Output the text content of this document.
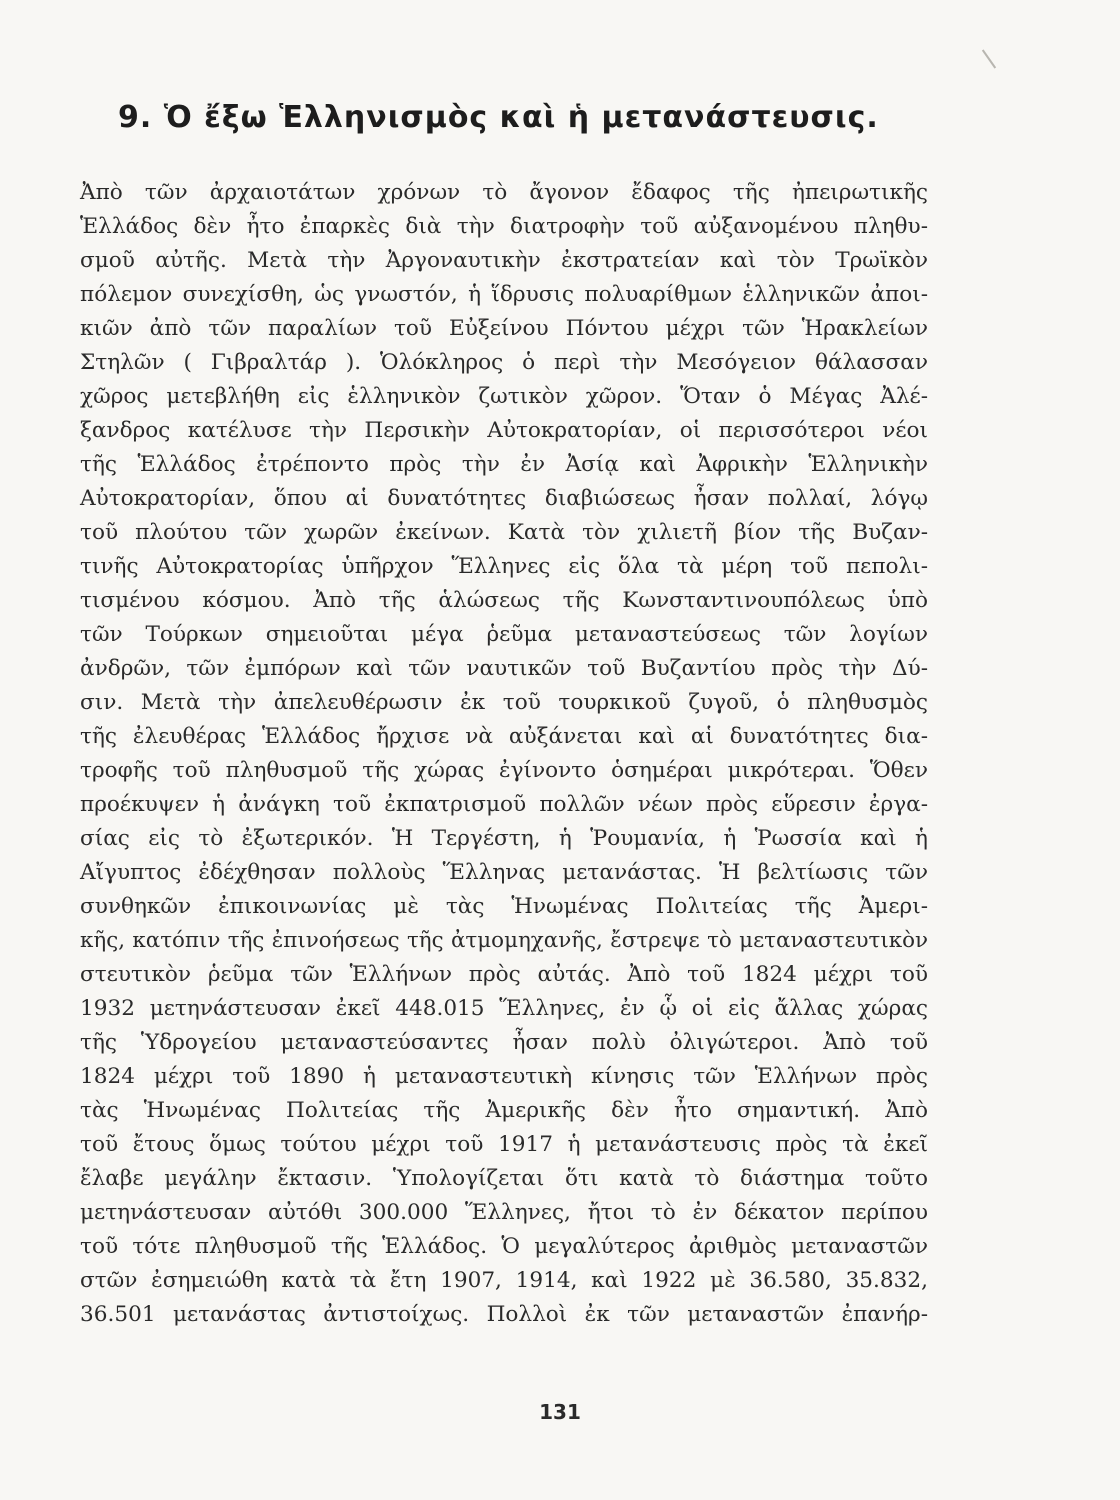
9. Ὁ ἔξω Ἑλληνισμὸς καὶ ἡ μετανάστευσις.
Ἀπὸ τῶν ἀρχαιοτάτων χρόνων τὸ ἄγονον ἔδαφος τῆς ἠπειρωτικῆς
Ἑλλάδος δὲν ἦτο ἐπαρκὲς διὰ τὴν διατροφὴν τοῦ αὐξανομένου πληθυ-
σμοῦ αὐτῆς. Μετὰ τὴν Ἀργοναυτικὴν ἐκστρατείαν καὶ τὸν Τρωϊκὸν
πόλεμον συνεχίσθη, ὡς γνωστόν, ἡ ἵδρυσις πολυαρίθμων ἑλληνικῶν ἀποι-
κιῶν ἀπὸ τῶν παραλίων τοῦ Εὐξείνου Πόντου μέχρι τῶν Ἡρακλείων
Στηλῶν ( Γιβραλτάρ ). Ὁλόκληρος ὁ περὶ τὴν Μεσόγειον θάλασσαν
χῶρος μετεβλήθη εἰς ἑλληνικὸν ζωτικὸν χῶρον. Ὅταν ὁ Μέγας Ἀλέ-
ξανδρος κατέλυσε τὴν Περσικὴν Αὐτοκρατορίαν, οἱ περισσότεροι νέοι
τῆς Ἑλλάδος ἐτρέποντο πρὸς τὴν ἐν Ἀσίᾳ καὶ Ἀφρικὴν Ἑλληνικὴν
Αὐτοκρατορίαν, ὅπου αἱ δυνατότητες διαβιώσεως ἦσαν πολλαί, λόγῳ
τοῦ πλούτου τῶν χωρῶν ἐκείνων. Κατὰ τὸν χιλιετῆ βίον τῆς Βυζαν-
τινῆς Αὐτοκρατορίας ὑπῆρχον Ἕλληνες εἰς ὅλα τὰ μέρη τοῦ πεπολι-
τισμένου κόσμου. Ἀπὸ τῆς ἁλώσεως τῆς Κωνσταντινουπόλεως ὑπὸ
τῶν Τούρκων σημειοῦται μέγα ῥεῦμα μεταναστεύσεως τῶν λογίων
ἀνδρῶν, τῶν ἐμπόρων καὶ τῶν ναυτικῶν τοῦ Βυζαντίου πρὸς τὴν Δύ-
σιν. Μετὰ τὴν ἀπελευθέρωσιν ἐκ τοῦ τουρκικοῦ ζυγοῦ, ὁ πληθυσμὸς
τῆς ἐλευθέρας Ἑλλάδος ἤρχισε νὰ αὐξάνεται καὶ αἱ δυνατότητες δια-
τροφῆς τοῦ πληθυσμοῦ τῆς χώρας ἐγίνοντο ὁσημέραι μικρότεραι. Ὅθεν
προέκυψεν ἡ ἀνάγκη τοῦ ἐκπατρισμοῦ πολλῶν νέων πρὸς εὕρεσιν ἐργα-
σίας εἰς τὸ ἐξωτερικόν. Ἡ Τεργέστη, ἡ Ῥουμανία, ἡ Ῥωσσία καὶ ἡ
Αἴγυπτος ἐδέχθησαν πολλοὺς Ἕλληνας μετανάστας. Ἡ βελτίωσις τῶν
συνθηκῶν ἐπικοινωνίας μὲ τὰς Ἡνωμένας Πολιτείας τῆς Ἀμερι-
κῆς, κατόπιν τῆς ἐπινοήσεως τῆς ἀτμομηχανῆς, ἔστρεψε τὸ μεταναστευτικὸν
στευτικὸν ῥεῦμα τῶν Ἑλλήνων πρὸς αὐτάς. Ἀπὸ τοῦ 1824 μέχρι τοῦ
1932 μετηνάστευσαν ἐκεῖ 448.015 Ἕλληνες, ἐν ᾧ οἱ εἰς ἄλλας χώρας
τῆς Ὑδρογείου μεταναστεύσαντες ἦσαν πολὺ ὀλιγώτεροι. Ἀπὸ τοῦ
1824 μέχρι τοῦ 1890 ἡ μεταναστευτικὴ κίνησις τῶν Ἑλλήνων πρὸς
τὰς Ἡνωμένας Πολιτείας τῆς Ἀμερικῆς δὲν ἦτο σημαντική. Ἀπὸ
τοῦ ἔτους ὅμως τούτου μέχρι τοῦ 1917 ἡ μετανάστευσις πρὸς τὰ ἐκεῖ
ἔλαβε μεγάλην ἔκτασιν. Ὑπολογίζεται ὅτι κατὰ τὸ διάστημα τοῦτο
μετηνάστευσαν αὐτόθι 300.000 Ἕλληνες, ἤτοι τὸ ἐν δέκατον περίπου
τοῦ τότε πληθυσμοῦ τῆς Ἑλλάδος. Ὁ μεγαλύτερος ἀριθμὸς μεταναστῶν
στῶν ἐσημειώθη κατὰ τὰ ἔτη 1907, 1914, καὶ 1922 μὲ 36.580, 35.832,
36.501 μετανάστας ἀντιστοίχως. Πολλοὶ ἐκ τῶν μεταναστῶν ἐπανήρ-
131
